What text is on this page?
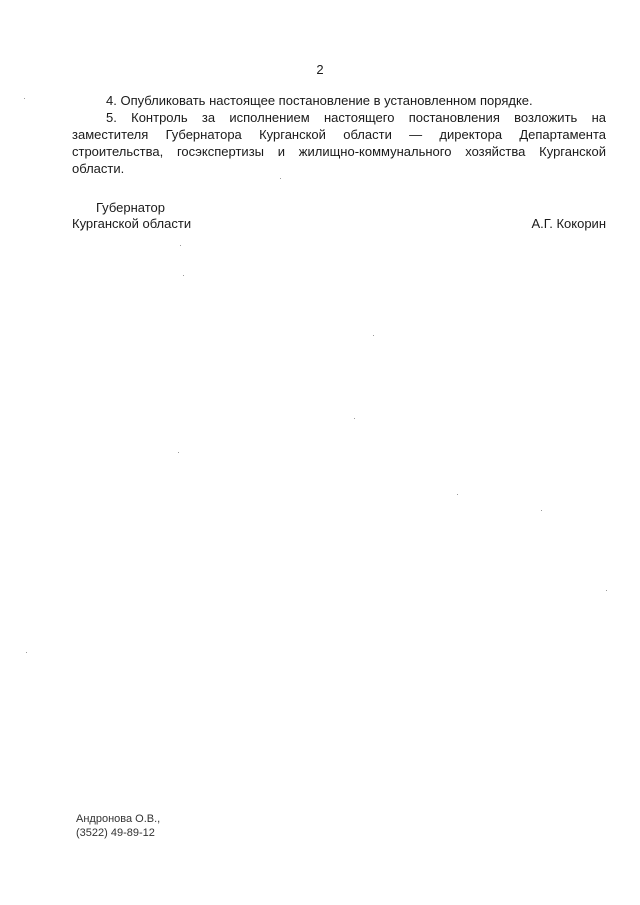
2

4. Опубликовать настоящее постановление в установленном порядке.

5. Контроль за исполнением настоящего постановления возложить на заместителя Губернатора Курганской области — директора Департамента строительства, госэкспертизы и жилищно-коммунального хозяйства Курганской области.

Губернатор
Курганской области	А.Г. Кокорин
Андронова О.В.,
(3522) 49-89-12
